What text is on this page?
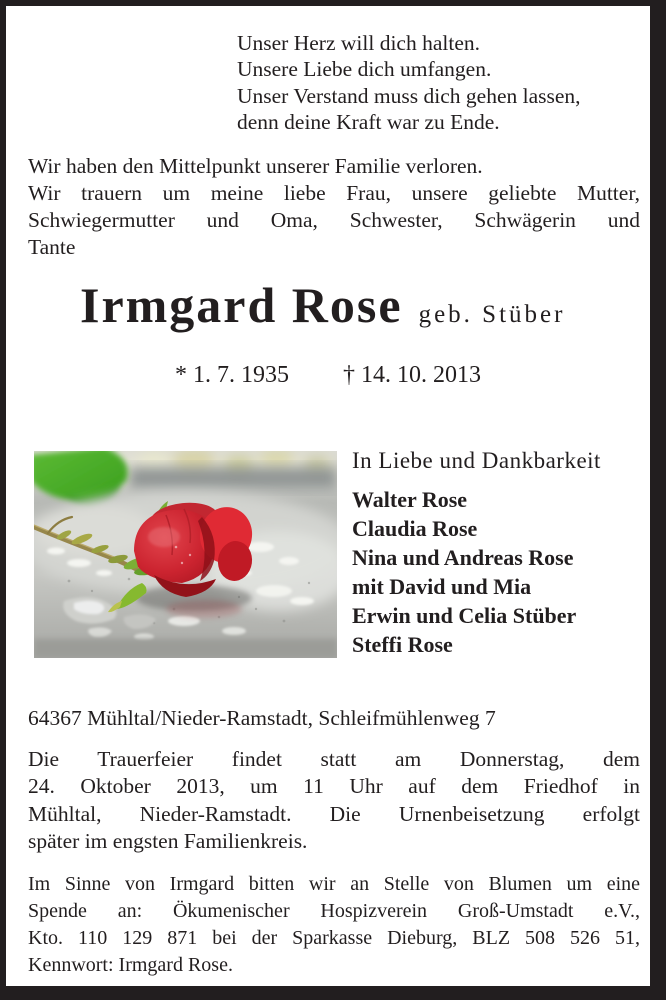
Unser Herz will dich halten.
Unsere Liebe dich umfangen.
Unser Verstand muss dich gehen lassen,
denn deine Kraft war zu Ende.
Wir haben den Mittelpunkt unserer Familie verloren.
Wir trauern um meine liebe Frau, unsere geliebte Mutter,
Schwiegermutter und Oma, Schwester, Schwägerin und
Tante
Irmgard Rose geb. Stüber
* 1. 7. 1935 † 14. 10. 2013
In Liebe und Dankbarkeit
Walter Rose
Claudia Rose
Nina und Andreas Rose
mit David und Mia
Erwin und Celia Stüber
Steffi Rose
64367 Mühltal/Nieder-Ramstadt, Schleifmühlenweg 7
Die Trauerfeier findet statt am Donnerstag, dem
24. Oktober 2013, um 11 Uhr auf dem Friedhof in
Mühltal, Nieder-Ramstadt. Die Urnenbeisetzung erfolgt
später im engsten Familienkreis.
Im Sinne von Irmgard bitten wir an Stelle von Blumen um eine
Spende an: Ökumenischer Hospizverein Groß-Umstadt e.V.,
Kto. 110 129 871 bei der Sparkasse Dieburg, BLZ 508 526 51,
Kennwort: Irmgard Rose.
